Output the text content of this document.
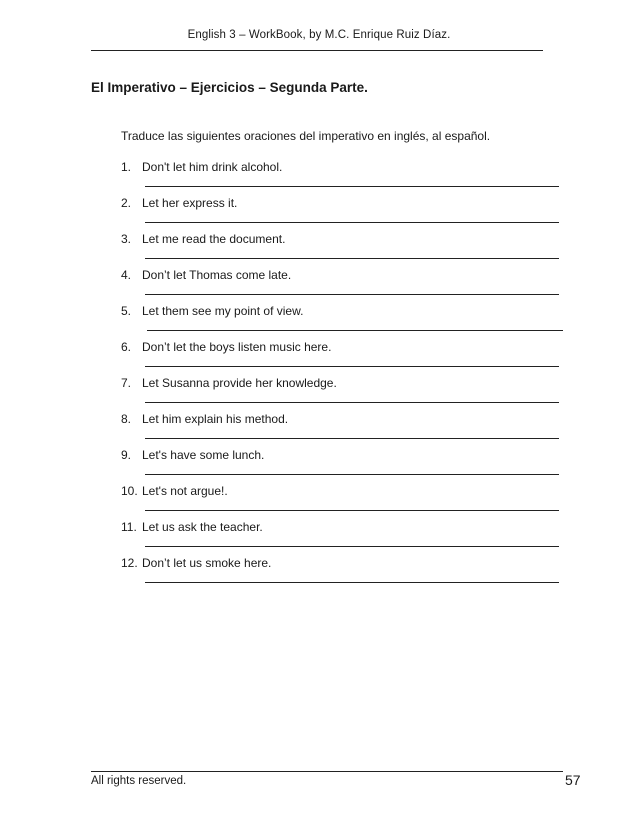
English 3 – WorkBook, by M.C. Enrique Ruiz Díaz.
El Imperativo – Ejercicios – Segunda Parte.
Traduce las siguientes oraciones del imperativo en inglés, al español.
1. Don't let him drink alcohol.
2. Let her express it.
3. Let me read the document.
4. Don’t let Thomas come late.
5. Let them see my point of view.
6. Don’t let the boys listen music here.
7. Let Susanna provide her knowledge.
8. Let him explain his method.
9. Let's have some lunch.
10. Let's not argue!.
11. Let us ask the teacher.
12. Don’t let us smoke here.
All rights reserved.	57
